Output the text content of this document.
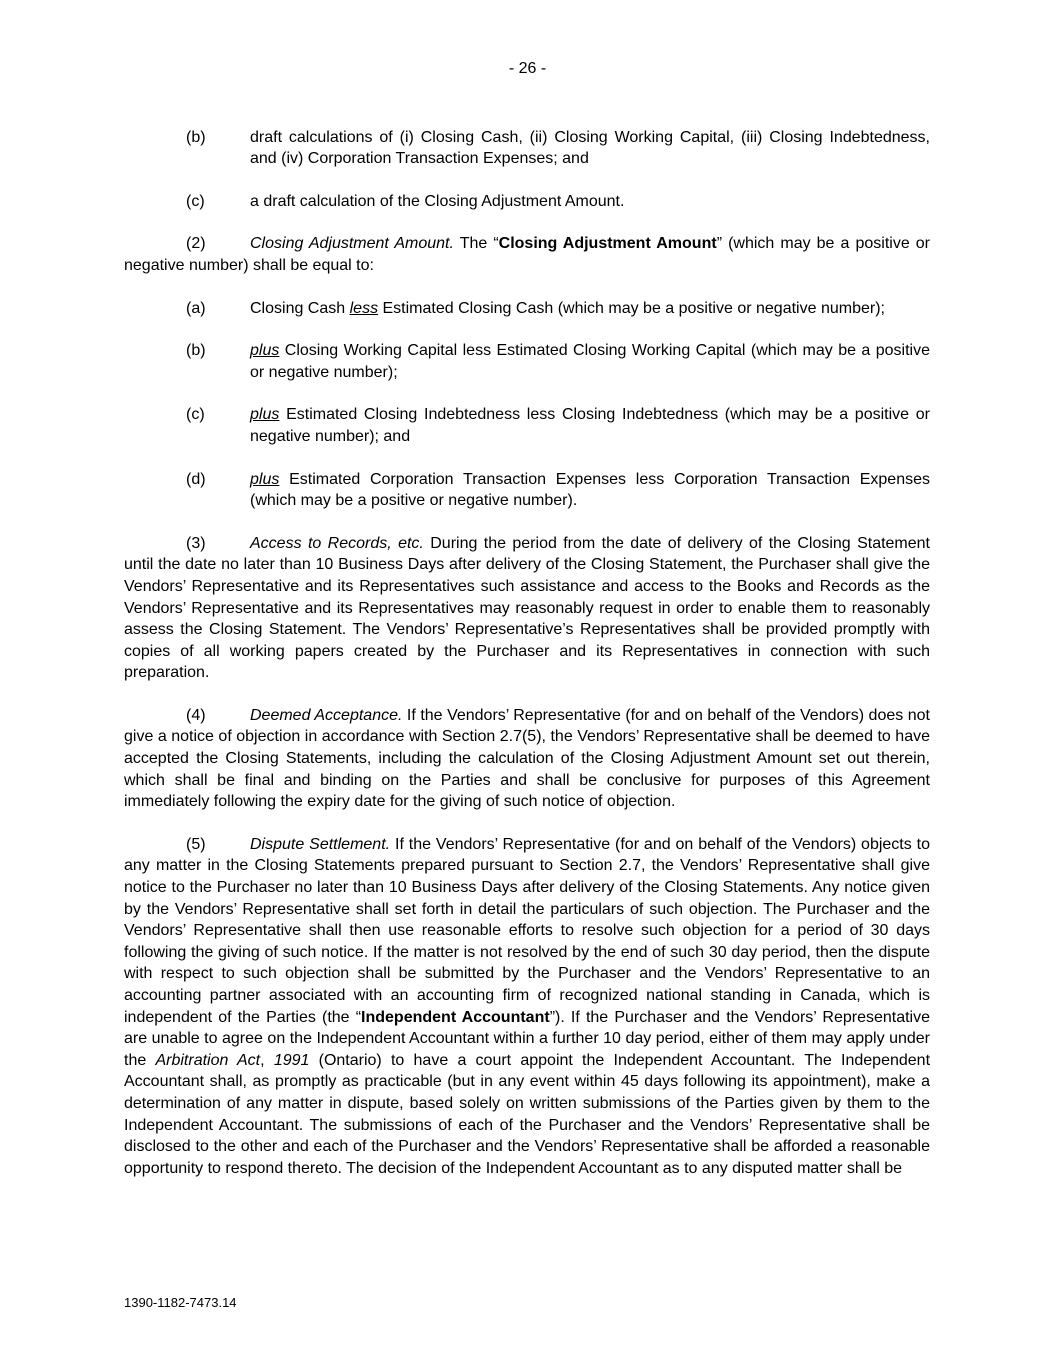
- 26 -
(b)	draft calculations of (i) Closing Cash, (ii) Closing Working Capital, (iii) Closing Indebtedness, and (iv) Corporation Transaction Expenses; and
(c)	a draft calculation of the Closing Adjustment Amount.
(2)	Closing Adjustment Amount. The “Closing Adjustment Amount” (which may be a positive or negative number) shall be equal to:
(a)	Closing Cash less Estimated Closing Cash (which may be a positive or negative number);
(b)	plus Closing Working Capital less Estimated Closing Working Capital (which may be a positive or negative number);
(c)	plus Estimated Closing Indebtedness less Closing Indebtedness (which may be a positive or negative number); and
(d)	plus Estimated Corporation Transaction Expenses less Corporation Transaction Expenses (which may be a positive or negative number).
(3)	Access to Records, etc. During the period from the date of delivery of the Closing Statement until the date no later than 10 Business Days after delivery of the Closing Statement, the Purchaser shall give the Vendors’ Representative and its Representatives such assistance and access to the Books and Records as the Vendors’ Representative and its Representatives may reasonably request in order to enable them to reasonably assess the Closing Statement. The Vendors’ Representative’s Representatives shall be provided promptly with copies of all working papers created by the Purchaser and its Representatives in connection with such preparation.
(4)	Deemed Acceptance. If the Vendors’ Representative (for and on behalf of the Vendors) does not give a notice of objection in accordance with Section 2.7(5), the Vendors’ Representative shall be deemed to have accepted the Closing Statements, including the calculation of the Closing Adjustment Amount set out therein, which shall be final and binding on the Parties and shall be conclusive for purposes of this Agreement immediately following the expiry date for the giving of such notice of objection.
(5)	Dispute Settlement. If the Vendors’ Representative (for and on behalf of the Vendors) objects to any matter in the Closing Statements prepared pursuant to Section 2.7, the Vendors’ Representative shall give notice to the Purchaser no later than 10 Business Days after delivery of the Closing Statements. Any notice given by the Vendors’ Representative shall set forth in detail the particulars of such objection. The Purchaser and the Vendors’ Representative shall then use reasonable efforts to resolve such objection for a period of 30 days following the giving of such notice. If the matter is not resolved by the end of such 30 day period, then the dispute with respect to such objection shall be submitted by the Purchaser and the Vendors’ Representative to an accounting partner associated with an accounting firm of recognized national standing in Canada, which is independent of the Parties (the “Independent Accountant”). If the Purchaser and the Vendors’ Representative are unable to agree on the Independent Accountant within a further 10 day period, either of them may apply under the Arbitration Act, 1991 (Ontario) to have a court appoint the Independent Accountant. The Independent Accountant shall, as promptly as practicable (but in any event within 45 days following its appointment), make a determination of any matter in dispute, based solely on written submissions of the Parties given by them to the Independent Accountant. The submissions of each of the Purchaser and the Vendors’ Representative shall be disclosed to the other and each of the Purchaser and the Vendors’ Representative shall be afforded a reasonable opportunity to respond thereto. The decision of the Independent Accountant as to any disputed matter shall be
1390-1182-7473.14
